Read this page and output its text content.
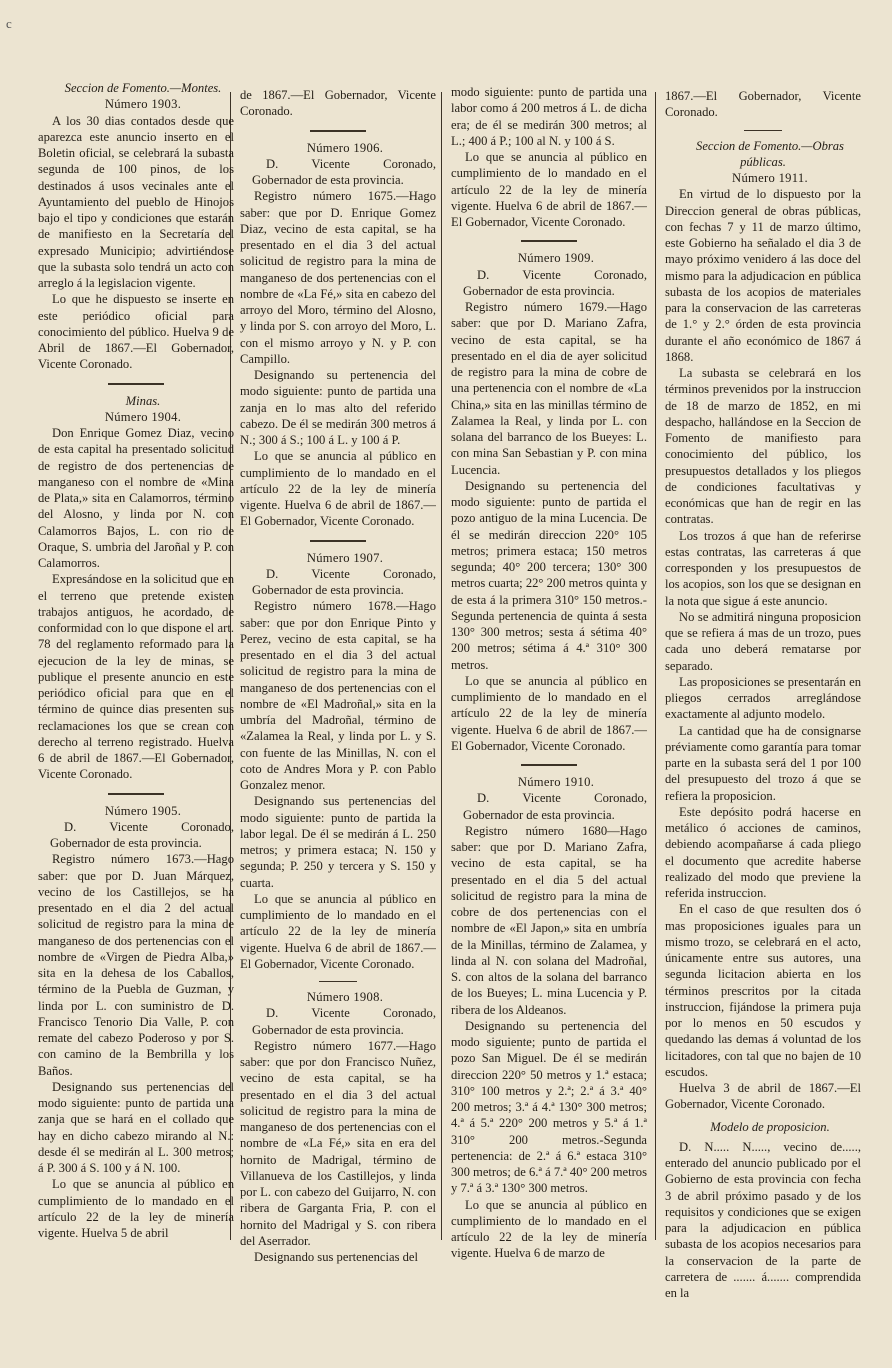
c

Seccion de Fomento.—Montes.

Número 1903.

A los 30 dias contados desde que aparezca este anuncio inserto en el Boletin oficial, se celebrará la subasta segunda de 100 pinos, de los destinados á usos vecinales ante el Ayuntamiento del pueblo de Hinojos bajo el tipo y condiciones que estarán de manifiesto en la Secretaría del expresado Municipio; advirtiéndose que la subasta solo tendrá un acto con arreglo á la legislacion vigente.

Lo que he dispuesto se inserte en este periódico oficial para conocimiento del público. Huelva 9 de Abril de 1867.—El Gobernador, Vicente Coronado.

Minas.

Número 1904.

Don Enrique Gomez Diaz, vecino de esta capital ha presentado solicitud de registro de dos pertenencias de manganeso con el nombre de «Mina de Plata,» sita en Calamorros, término del Alosno, y linda por N. con Calamorros Bajos, L. con rio de Oraque, S. umbria del Jaroñal y P. con Calamorros.

Expresándose en la solicitud que en el terreno que pretende existen trabajos antiguos, he acordado, de conformidad con lo que dispone el art. 78 del reglamento reformado para la ejecucion de la ley de minas, se publique el presente anuncio en este periódico oficial para que en el término de quince dias presenten sus reclamaciones los que se crean con derecho al terreno registrado. Huelva 6 de abril de 1867.—El Gobernador, Vicente Coronado.

Número 1905.

D. Vicente Coronado, Gobernador de esta provincia.

Registro número 1673.—Hago saber: que por D. Juan Márquez, vecino de los Castillejos, se ha presentado en el dia 2 del actual solicitud de registro para la mina de manganeso de dos pertenencias con el nombre de «Virgen de Piedra Alba,» sita en la dehesa de los Caballos, término de la Puebla de Guzman, y linda por L. con suministro de D. Francisco Tenorio Dia Valle, P. con remate del cabezo Poderoso y por S. con camino de la Bembrilla y los Baños.

Designando sus pertenencias del modo siguiente: punto de partida una zanja que se hará en el collado que hay en dicho cabezo mirando al N.: desde él se medirán al L. 300 metros; á P. 300 á S. 100 y á N. 100.

Lo que se anuncia al público en cumplimiento de lo mandado en el artículo 22 de la ley de minería vigente. Huelva 5 de abril

de 1867.—El Gobernador, Vicente Coronado.

Número 1906.

D. Vicente Coronado, Gobernador de esta provincia.

Registro número 1675.—Hago saber: que por D. Enrique Gomez Diaz, vecino de esta capital, se ha presentado en el dia 3 del actual solicitud de registro para la mina de manganeso de dos pertenencias con el nombre de «La Fé,» sita en cabezo del arroyo del Moro, término del Alosno, y linda por S. con arroyo del Moro, L. con el mismo arroyo y N. y P. con Campillo.

Designando su pertenencia del modo siguiente: punto de partida una zanja en lo mas alto del referido cabezo. De él se medirán 300 metros á N.; 300 á S.; 100 á L. y 100 á P.

Lo que se anuncia al público en cumplimiento de lo mandado en el artículo 22 de la ley de minería vigente. Huelva 6 de abril de 1867.—El Gobernador, Vicente Coronado.

Número 1907.

D. Vicente Coronado, Gobernador de esta provincia.

Registro número 1678.—Hago saber: que por don Enrique Pinto y Perez, vecino de esta capital, se ha presentado en el dia 3 del actual solicitud de registro para la mina de manganeso de dos pertenencias con el nombre de «El Madroñal,» sita en la umbría del Madroñal, término de «Zalamea la Real, y linda por L. y S. con fuente de las Minillas, N. con el coto de Andres Mora y P. con Pablo Gonzalez menor.

Designando sus pertenencias del modo siguiente: punto de partida la labor legal. De él se medirán á L. 250 metros; y primera estaca; N. 150 y segunda; P. 250 y tercera y S. 150 y cuarta.

Lo que se anuncia al público en cumplimiento de lo mandado en el artículo 22 de la ley de minería vigente. Huelva 6 de abril de 1867.—El Gobernador, Vicente Coronado.

Número 1908.

D. Vicente Coronado, Gobernador de esta provincia.

Registro número 1677.—Hago saber: que por don Francisco Nuñez, vecino de esta capital, se ha presentado en el dia 3 del actual solicitud de registro para la mina de manganeso de dos pertenencias con el nombre de «La Fé,» sita en era del hornito de Madrigal, término de Villanueva de los Castillejos, y linda por L. con cabezo del Guijarro, N. con ribera de Garganta Fria, P. con el hornito del Madrigal y S. con ribera del Aserrador.

Designando sus pertenencias del

modo siguiente: punto de partida una labor como á 200 metros á L. de dicha era; de él se medirán 300 metros; al L.; 400 á P.; 100 al N. y 100 á S.

Lo que se anuncia al público en cumplimiento de lo mandado en el artículo 22 de la ley de minería vigente. Huelva 6 de abril de 1867.—El Gobernador, Vicente Coronado.

Número 1909.

D. Vicente Coronado, Gobernador de esta provincia.

Registro número 1679.—Hago saber: que por D. Mariano Zafra, vecino de esta capital, se ha presentado en el dia de ayer solicitud de registro para la mina de cobre de una pertenencia con el nombre de «La China,» sita en las minillas término de Zalamea la Real, y linda por L. con solana del barranco de los Bueyes: L. con mina San Sebastian y P. con mina Lucencia.

Designando su pertenencia del modo siguiente: punto de partida el pozo antiguo de la mina Lucencia. De él se medirán direccion 220° 105 metros; primera estaca; 150 metros segunda; 40° 200 tercera; 130° 300 metros cuarta; 22° 200 metros quinta y de esta á la primera 310° 150 metros.-Segunda pertenencia de quinta á sesta 130° 300 metros; sesta á sétima 40° 200 metros; sétima á 4.ª 310° 300 metros.

Lo que se anuncia al público en cumplimiento de lo mandado en el artículo 22 de la ley de minería vigente. Huelva 6 de abril de 1867.—El Gobernador, Vicente Coronado.

Número 1910.

D. Vicente Coronado, Gobernador de esta provincia.

Registro número 1680—Hago saber: que por D. Mariano Zafra, vecino de esta capital, se ha presentado en el dia 5 del actual solicitud de registro para la mina de cobre de dos pertenencias con el nombre de «El Japon,» sita en umbría de la Minillas, término de Zalamea, y linda al N. con solana del Madroñal, S. con altos de la solana del barranco de los Bueyes; L. mina Lucencia y P. ribera de los Aldeanos.

Designando su pertenencia del modo siguiente; punto de partida el pozo San Miguel. De él se medirán direccion 220° 50 metros y 1.ª estaca; 310° 100 metros y 2.ª; 2.ª á 3.ª 40° 200 metros; 3.ª á 4.ª 130° 300 metros; 4.ª á 5.ª 220° 200 metros y 5.ª á 1.ª 310° 200 metros.-Segunda pertenencia: de 2.ª á 6.ª estaca 310° 300 metros; de 6.ª á 7.ª 40° 200 metros y 7.ª á 3.ª 130° 300 metros.

Lo que se anuncia al público en cumplimiento de lo mandado en el artículo 22 de la ley de minería vigente. Huelva 6 de marzo de

1867.—El Gobernador, Vicente Coronado.

Seccion de Fomento.—Obras públicas.

Número 1911.

En virtud de lo dispuesto por la Direccion general de obras públicas, con fechas 7 y 11 de marzo último, este Gobierno ha señalado el dia 3 de mayo próximo venidero á las doce del mismo para la adjudicacion en pública subasta de los acopios de materiales para la conservacion de las carreteras de 1.° y 2.° órden de esta provincia durante el año económico de 1867 á 1868.

La subasta se celebrará en los términos prevenidos por la instruccion de 18 de marzo de 1852, en mi despacho, hallándose en la Seccion de Fomento de manifiesto para conocimiento del público, los presupuestos detallados y los pliegos de condiciones facultativas y económicas que han de regir en las contratas.

Los trozos á que han de referirse estas contratas, las carreteras á que corresponden y los presupuestos de los acopios, son los que se designan en la nota que sigue á este anuncio.

No se admitirá ninguna proposicion que se refiera á mas de un trozo, pues cada uno deberá rematarse por separado.

Las proposiciones se presentarán en pliegos cerrados arreglándose exactamente al adjunto modelo.

La cantidad que ha de consignarse préviamente como garantía para tomar parte en la subasta será del 1 por 100 del presupuesto del trozo á que se refiera la proposicion.

Este depósito podrá hacerse en metálico ó acciones de caminos, debiendo acompañarse á cada pliego el documento que acredite haberse realizado del modo que previene la referida instruccion.

En el caso de que resulten dos ó mas proposiciones iguales para un mismo trozo, se celebrará en el acto, únicamente entre sus autores, una segunda licitacion abierta en los términos prescritos por la citada instruccion, fijándose la primera puja por lo menos en 50 escudos y quedando las demas á voluntad de los licitadores, con tal que no bajen de 10 escudos.

Huelva 3 de abril de 1867.—El Gobernador, Vicente Coronado.

Modelo de proposicion.

D. N..... N....., vecino de....., enterado del anuncio publicado por el Gobierno de esta provincia con fecha 3 de abril próximo pasado y de los requisitos y condiciones que se exigen para la adjudicacion en pública subasta de los acopios necesarios para la conservacion de la parte de carretera de ....... á....... comprendida en la
